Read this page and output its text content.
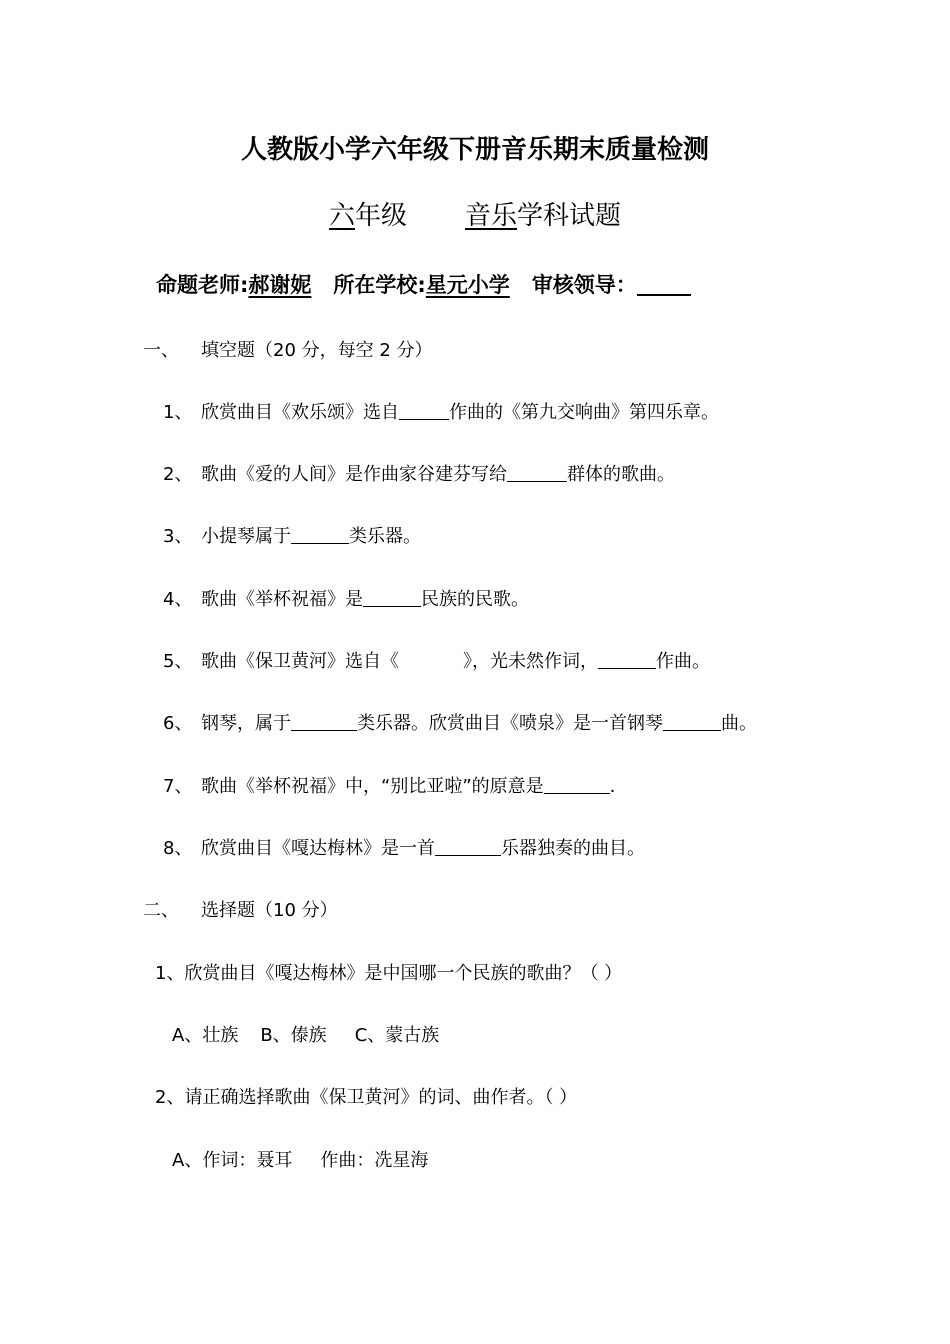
人教版小学六年级下册音乐期末质量检测
六年级 音乐学科试题
命题老师:郝谢妮 所在学校:星元小学 审核领导：
一、 填空题（20 分，每空 2 分）
1、 欣赏曲目《欢乐颂》选自	作曲的《第九交响曲》第四乐章。
2、 歌曲《爱的人间》是作曲家谷建芬写给	群体的歌曲。
3、 小提琴属于	类乐器。
4、 歌曲《举杯祝福》是	民族的民歌。
5、 歌曲《保卫黄河》选自《	》，光未然作词，	作曲。
6、 钢琴，属于	类乐器。欣赏曲目《喷泉》是一首钢琴	曲。
7、 歌曲《举杯祝福》中，“别比亚啦”的原意是	.
8、 欣赏曲目《嘎达梅林》是一首	乐器独奏的曲目。
二、 选择题（10 分）
1、欣赏曲目《嘎达梅林》是中国哪一个民族的歌曲？（ ）
A、壮族 B、傣族 C、蒙古族
2、请正确选择歌曲《保卫黄河》的词、曲作者。（ ）
A、作词：聂耳 作曲：冼星海
